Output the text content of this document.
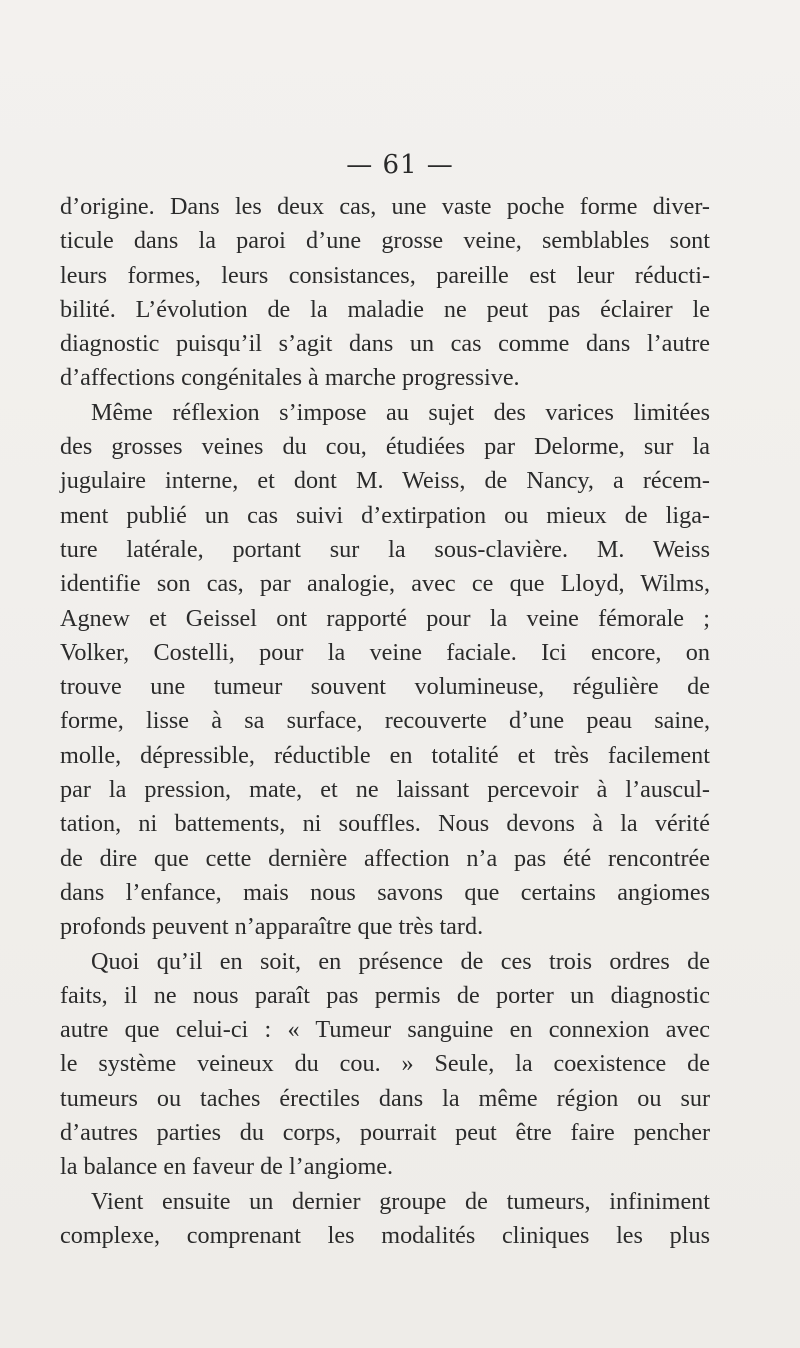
— 61 —
d’origine. Dans les deux cas, une vaste poche forme diver-
ticule dans la paroi d’une grosse veine, semblables sont
leurs formes, leurs consistances, pareille est leur réducti-
bilité. L’évolution de la maladie ne peut pas éclairer le
diagnostic puisqu’il s’agit dans un cas comme dans l’autre
d’affections congénitales à marche progressive.
Même réflexion s’impose au sujet des varices limitées
des grosses veines du cou, étudiées par Delorme, sur la
jugulaire interne, et dont M. Weiss, de Nancy, a récem-
ment publié un cas suivi d’extirpation ou mieux de liga-
ture latérale, portant sur la sous-clavière. M. Weiss
identifie son cas, par analogie, avec ce que Lloyd, Wilms,
Agnew et Geissel ont rapporté pour la veine fémorale ;
Volker, Costelli, pour la veine faciale. Ici encore, on
trouve une tumeur souvent volumineuse, régulière de
forme, lisse à sa surface, recouverte d’une peau saine,
molle, dépressible, réductible en totalité et très facilement
par la pression, mate, et ne laissant percevoir à l’auscul-
tation, ni battements, ni souffles. Nous devons à la vérité
de dire que cette dernière affection n’a pas été rencontrée
dans l’enfance, mais nous savons que certains angiomes
profonds peuvent n’apparaître que très tard.
Quoi qu’il en soit, en présence de ces trois ordres de
faits, il ne nous paraît pas permis de porter un diagnostic
autre que celui-ci : « Tumeur sanguine en connexion avec
le système veineux du cou. » Seule, la coexistence de
tumeurs ou taches érectiles dans la même région ou sur
d’autres parties du corps, pourrait peut être faire pencher
la balance en faveur de l’angiome.
Vient ensuite un dernier groupe de tumeurs, infiniment
complexe, comprenant les modalités cliniques les plus
